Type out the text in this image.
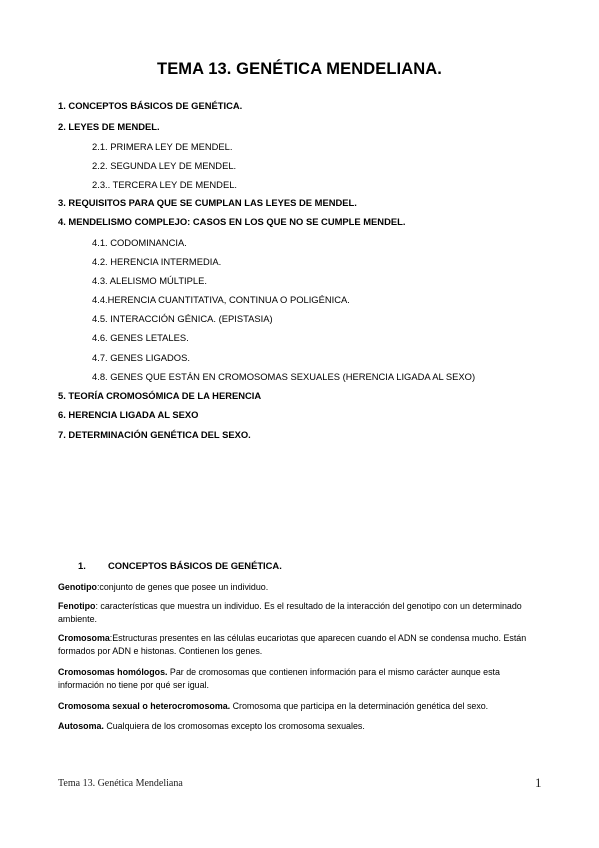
TEMA 13. GENÉTICA MENDELIANA.
1. CONCEPTOS BÁSICOS DE GENÉTICA.
2. LEYES DE MENDEL.
2.1. PRIMERA LEY DE MENDEL.
2.2. SEGUNDA LEY DE MENDEL.
2.3.. TERCERA LEY DE MENDEL.
3. REQUISITOS PARA QUE SE CUMPLAN LAS LEYES DE MENDEL.
4. MENDELISMO COMPLEJO: CASOS EN LOS QUE NO SE CUMPLE MENDEL.
4.1. CODOMINANCIA.
4.2. HERENCIA INTERMEDIA.
4.3. ALELISMO MÚLTIPLE.
4.4.HERENCIA CUANTITATIVA, CONTINUA O POLIGÉNICA.
4.5. INTERACCIÓN GÉNICA. (EPISTASIA)
4.6. GENES LETALES.
4.7. GENES LIGADOS.
4.8. GENES QUE ESTÁN EN CROMOSOMAS SEXUALES (HERENCIA LIGADA AL SEXO)
5. TEORÍA CROMOSÓMICA DE LA HERENCIA
6. HERENCIA LIGADA AL SEXO
7. DETERMINACIÓN GENÉTICA DEL SEXO.
1. CONCEPTOS BÁSICOS DE GENÉTICA.
Genotipo:conjunto de genes que posee un individuo.
Fenotipo: características que muestra un individuo. Es el resultado de la interacción del genotipo con un determinado ambiente.
Cromosoma:Estructuras presentes en las células eucariotas que aparecen cuando el ADN se condensa mucho. Están formados por ADN e histonas. Contienen los genes.
Cromosomas homólogos. Par de cromosomas que contienen información para el mismo carácter aunque esta información no tiene por qué ser igual.
Cromosoma sexual o heterocromosoma. Cromosoma que participa en la determinación genética del sexo.
Autosoma. Cualquiera de los cromosomas excepto los cromosoma sexuales.
Tema 13. Genética Mendeliana	1
